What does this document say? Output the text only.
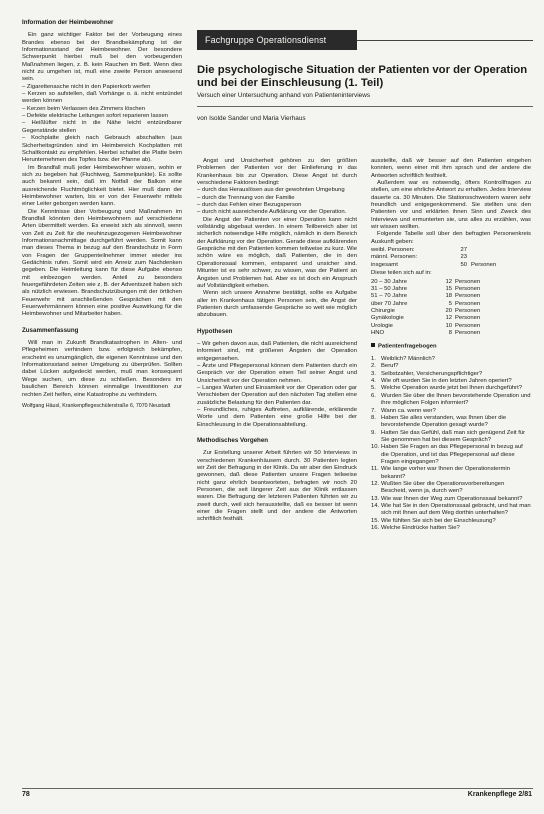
Information der Heimbewohner

Ein ganz wichtiger Faktor bei der Vorbeugung eines Brandes ebenso bei der Brandbekämpfung ist der Informationsstand der Heimbewohner. Der besondere Schwerpunkt hierbei muß bei den vorbeugenden Maßnahmen liegen, z. B. kein Rauchen im Bett. Wenn dies nicht zu umgehen ist, muß eine zweite Person anwesend sein.

– Zigarettenasche nicht in den Papierkorb werfen

– Kerzen so aufstellen, daß Vorhänge o. ä. nicht entzündet werden können

– Kerzen beim Verlassen des Zimmers löschen

– Defekte elektrische Leitungen sofort reparieren lassen

– Heißlüfter nicht in die Nähe leicht entzündbarer Gegenstände stellen

– Kochplatte gleich nach Gebrauch abschalten (aus Sicherheitsgründen sind im Heimbereich Kochplatten mit Schaltkontakt zu empfehlen. Hierbei schaltet die Platte beim Herunternehmen des Topfes bzw. der Pfanne ab).

Im Brandfall muß jeder Heimbewohner wissen, wohin er sich zu begeben hat (Fluchtweg, Sammelpunkte). Es sollte auch bekannt sein, daß im Notfall der Balkon eine ausreichende Fluchtmöglichkeit bietet. Hier muß dann der Heimbewohner warten, bis er von der Feuerwehr mittels einer Leiter geborgen werden kann.

Die Kenntnisse über Vorbeugung und Maßnahmen im Brandfall könnten den Heimbewohnern auf verschiedene Arten übermittelt werden. Es erweist sich als sinnvoll, wenn von Zeit zu Zeit für die neuhinzugezogenen Heimbewohner Informationsnachmittage durchgeführt werden. Somit kann man dieses Thema in bezug auf den Brandschutz in Form von Fragen der Gruppenteilnehmer immer wieder ins Gedächtnis rufen. Somit wird ein Anreiz zum Nachdenken gegeben. Die Heimleitung kann für diese Aufgabe ebenso mit einbezogen werden. Anteil zu besonders feuergefährdeten Zeiten wie z. B. der Adventszeit haben sich als nützlich erwiesen. Brandschutzübungen mit der örtlichen Feuerwehr mit anschließenden Gesprächen mit den Feuerwehrmännern können eine positive Auswirkung für die Heimbewohner und Mitarbeiter haben.

Zusammenfassung

Will man in Zukunft Brandkatastrophen in Alten- und Pflegeheimen verhindern bzw. erfolgreich bekämpfen, erscheint es unumgänglich, die eigenen Kenntnisse und den Informationsstand seiner Umgebung zu überprüfen. Sollten dabei Lücken aufgedeckt werden, muß man konsequent Wege suchen, um diese zu schließen. Besonders im baulichen Bereich können einmalige Investitionen zur rechten Zeit helfen, eine Katastrophe zu verhindern.

Wolfgang Häusl, Krankenpflegeschülerstraße 6, 7070 Neustadt

Fachgruppe Operationsdienst
Die psychologische Situation der Patienten vor der Operation und bei der Einschleusung (1. Teil)
Versuch einer Untersuchung anhand von Patienteninterviews
von Isolde Sander und Maria Vierhaus

Angst und Unsicherheit gehören zu den größten Problemen der Patienten vor der Einlieferung in das Krankenhaus bis zur Operation. Diese Angst ist durch verschiedene Faktoren bedingt:

– durch das Herauslösen aus der gewohnten Umgebung

– durch die Trennung von der Familie

– durch das Fehlen einer Bezugsperson

– durch nicht ausreichende Aufklärung vor der Operation.

Die Angst der Patienten vor einer Operation kann nicht vollständig abgebaut werden. In einem Teilbereich aber ist sicherlich notwendige Hilfe möglich, nämlich in dem Bereich der Aufklärung vor der Operation. Gerade diese aufklärenden Gespräche mit den Patienten kommen teilweise zu kurz. Wie schön wäre es möglich, daß Patienten, die in den Operationssaal kommen, entspannt und unsicher sind. Mitunter ist es sehr schwer, zu wissen, was der Patient an Ängsten und Problemen hat. Aber es ist doch ein Anspruch auf Vollständigkeit erheben.

Wenn sich unsere Annahme bestätigt, sollte es Aufgabe aller im Krankenhaus tätigen Personen sein, die Angst der Patienten durch umfassende Gespräche so weit wie möglich abzubauen.

Hypothesen

– Wir gehen davon aus, daß Patienten, die nicht ausreichend informiert sind, mit größeren Ängsten der Operation entgegensehen.

– Ärzte und Pflegepersonal können dem Patienten durch ein Gespräch vor der Operation einen Teil seiner Angst und Unsicherheit vor der Operation nehmen.

– Langes Warten und Einsamkeit vor der Operation oder gar Verschieben der Operation auf den nächsten Tag stellen eine zusätzliche Belastung für den Patienten dar.

– Freundliches, ruhiges Auftreten, aufklärende, erklärende Worte und dem Patienten eine große Hilfe bei der Einschleusung in die Operationsabteilung.

Methodisches Vorgehen

Zur Erstellung unserer Arbeit führten wir 50 Interviews in verschiedenen Krankenhäusern durch. 30 Patienten legten wir Zeit der Befragung in der Klinik. Da wir aber den Eindruck gewonnen, daß diese Patienten unsere Fragen teilweise nicht ganz ehrlich beantworteten, befragten wir noch 20 Personen, die seit längerer Zeit aus der Klinik entlassen waren. Die Befragung der letzteren Patienten führten wir zu zweit durch, weil sich herausstellte, daß es besser ist wenn einer die Fragen stellt und der andere die Antworten schriftlich festhält.

ausstellte, daß wir besser auf den Patienten eingehen konnten, wenn einer mit ihm sprach und der andere die Antworten schriftlich festhielt.

Außerdem war es notwendig, öfters Kontrollfragen zu stellen, um eine ehrliche Antwort zu erhalten. Jedes Interview dauerte ca. 30 Minuten. Die Stationsschwestern waren sehr freundlich und entgegenkommend. Sie stellten uns den Patienten vor und erklärten ihnen Sinn und Zweck des Interviews und ermunterten sie, uns alles zu erzählen, was wir wissen wollten.

Folgende Tabelle soll über den befragten Personenkreis Auskunft geben:

weibl. Personen:	27	
männl. Personen:	23	
insgesamt	50	Personen

Diese teilen sich auf in:

20 – 30 Jahre	12	Personen
31 – 50 Jahre	15	Personen
51 – 70 Jahre	18	Personen
über 70 Jahre	5	Personen
Chirurgie	20	Personen
Gynäkologie	12	Personen
Urologie	10	Personen
HNO	8	Personen
Patientenfragebogen
1. Weiblich? Männlich?
2. Beruf?
3. Selbstzahler, Versicherungspflichtiger?
4. Wie oft wurden Sie in den letzten Jahren operiert?
5. Welche Operation wurde jetzt bei Ihnen durchgeführt?
6. Wurden Sie über die Ihnen bevorstehende Operation und ihre möglichen Folgen informiert?
7. Wann ca. wenn wer?
8. Haben Sie alles verstanden, was Ihnen über die bevorstehende Operation gesagt wurde?
9. Hatten Sie das Gefühl, daß man sich genügend Zeit für Sie genommen hat bei diesem Gespräch?
10. Haben Sie Fragen an das Pflegepersonal in bezug auf die Operation, und ist das Pflegepersonal auf diese Fragen eingegangen?
11. Wie lange vorher war Ihnen der Operationstermin bekannt?
12. Wußten Sie über die Operationsvorbereitungen Bescheid, wenn ja, durch wen?
13. Wie war Ihnen der Weg zum Operationssaal bekannt?
14. Wie hat Sie in den Operationssaal gebracht, und hat man sich mit Ihnen auf dem Weg dorthin unterhalten?
15. Wie fühlten Sie sich bei der Einschleusung?
16. Welche Eindrücke hatten Sie?
78	Krankenpflege 2/81
